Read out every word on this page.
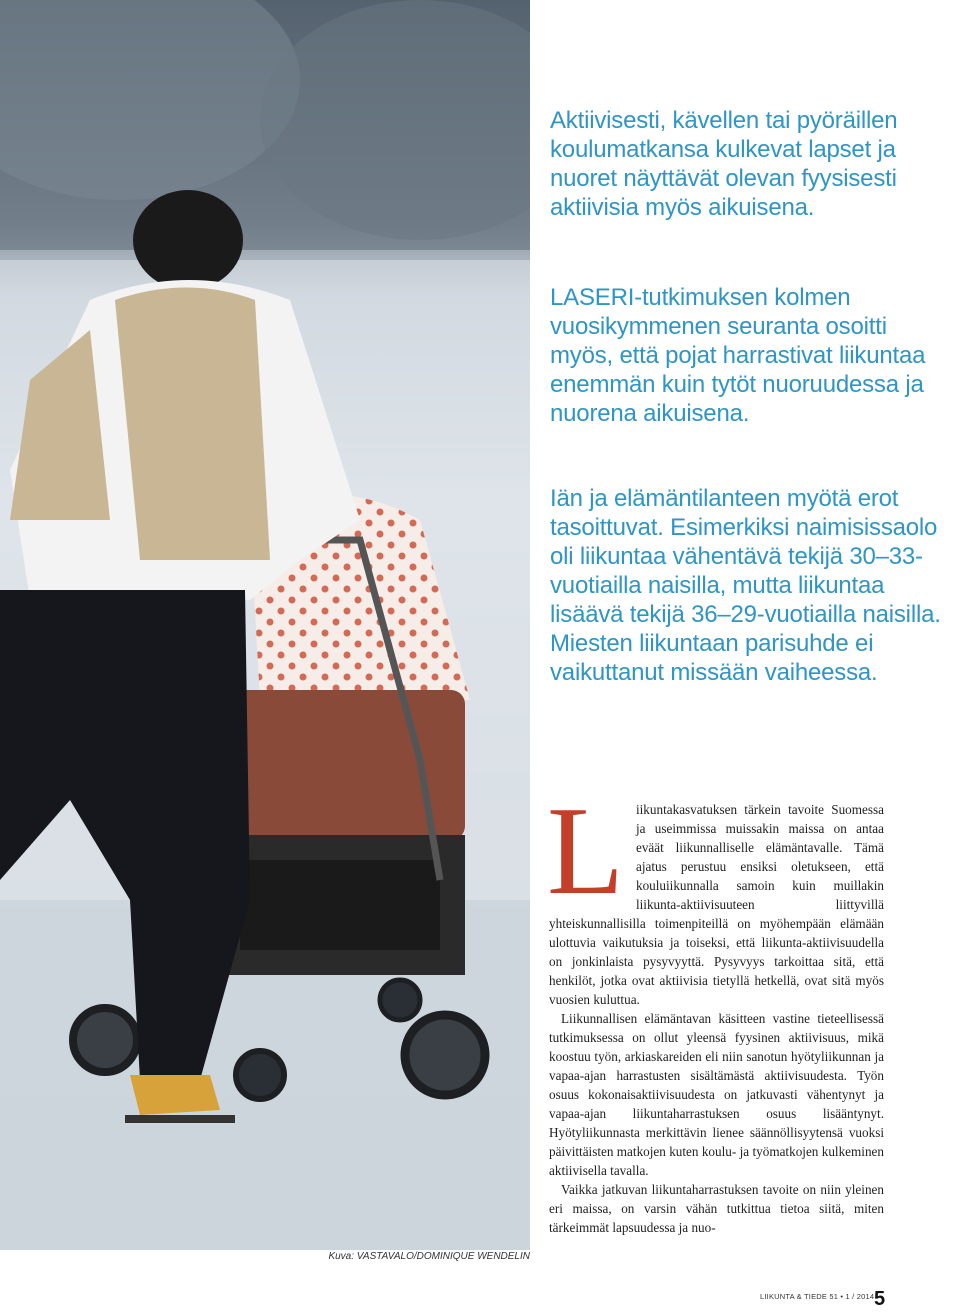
Kuva: VASTAVALO/DOMINIQUE WENDELIN

Aktiivisesti, kävellen tai pyöräillen koulumatkansa kulkevat lapset ja nuoret näyttävät olevan fyysisesti aktiivisia myös aikuisena.

LASERI-tutkimuksen kolmen vuosikymmenen seuranta osoitti myös, että pojat harrastivat liikuntaa enemmän kuin tytöt nuoruudessa ja nuorena aikuisena.

Iän ja elämäntilanteen myötä erot tasoittuvat. Esimerkiksi naimisissaolo oli liikuntaa vähentävä tekijä 30–33-vuotiailla naisilla, mutta liikuntaa lisäävä tekijä 36–29-vuotiailla naisilla. Miesten liikuntaan parisuhde ei vaikuttanut missään vaiheessa.

Liikuntakasvatuksen tärkein tavoite Suomessa ja useimmissa muissakin maissa on antaa eväät liikunnalliselle elämäntavalle. Tämä ajatus perustuu ensiksi oletukseen, että kouluiikunnalla samoin kuin muillakin liikunta-aktiivisuuteen liittyvillä yhteiskunnallisilla toimenpiteillä on myöhempään elämään ulottuvia vaikutuksia ja toiseksi, että liikunta-aktiivisuudella on jonkinlaista pysyvyyttä. Pysyvyys tarkoittaa sitä, että henkilöt, jotka ovat aktiivisia tietyllä hetkellä, ovat sitä myös vuosien kuluttua.

Liikunnallisen elämäntavan käsitteen vastine tieteellisessä tutkimuksessa on ollut yleensä fyysinen aktiivisuus, mikä koostuu työn, arkiaskareiden eli niin sanotun hyötyliikunnan ja vapaa-ajan harrastusten sisältämästä aktiivisuudesta. Työn osuus kokonaisaktiivisuudesta on jatkuvasti vähentynyt ja vapaa-ajan liikuntaharrastuksen osuus lisääntynyt. Hyötyliikunnasta merkittävin lienee säännöllisyytensä vuoksi päivittäisten matkojen kuten koulu- ja työmatkojen kulkeminen aktiivisella tavalla.

Vaikka jatkuvan liikuntaharrastuksen tavoite on niin yleinen eri maissa, on varsin vähän tutkittua tietoa siitä, miten tärkeimmät lapsuudessa ja nuo-

LIIKUNTA & TIEDE 51 • 1 / 2014 5
